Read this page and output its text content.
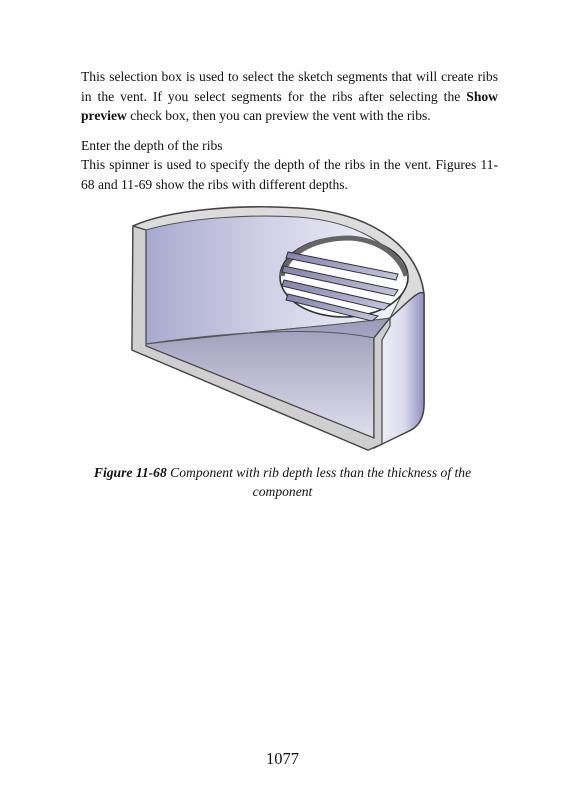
This selection box is used to select the sketch segments that will create ribs in the vent. If you select segments for the ribs after selecting the Show preview check box, then you can preview the vent with the ribs.
Enter the depth of the ribs
This spinner is used to specify the depth of the ribs in the vent. Figures 11-68 and 11-69 show the ribs with different depths.
Figure 11-68 Component with rib depth less than the thickness of the component
1077
